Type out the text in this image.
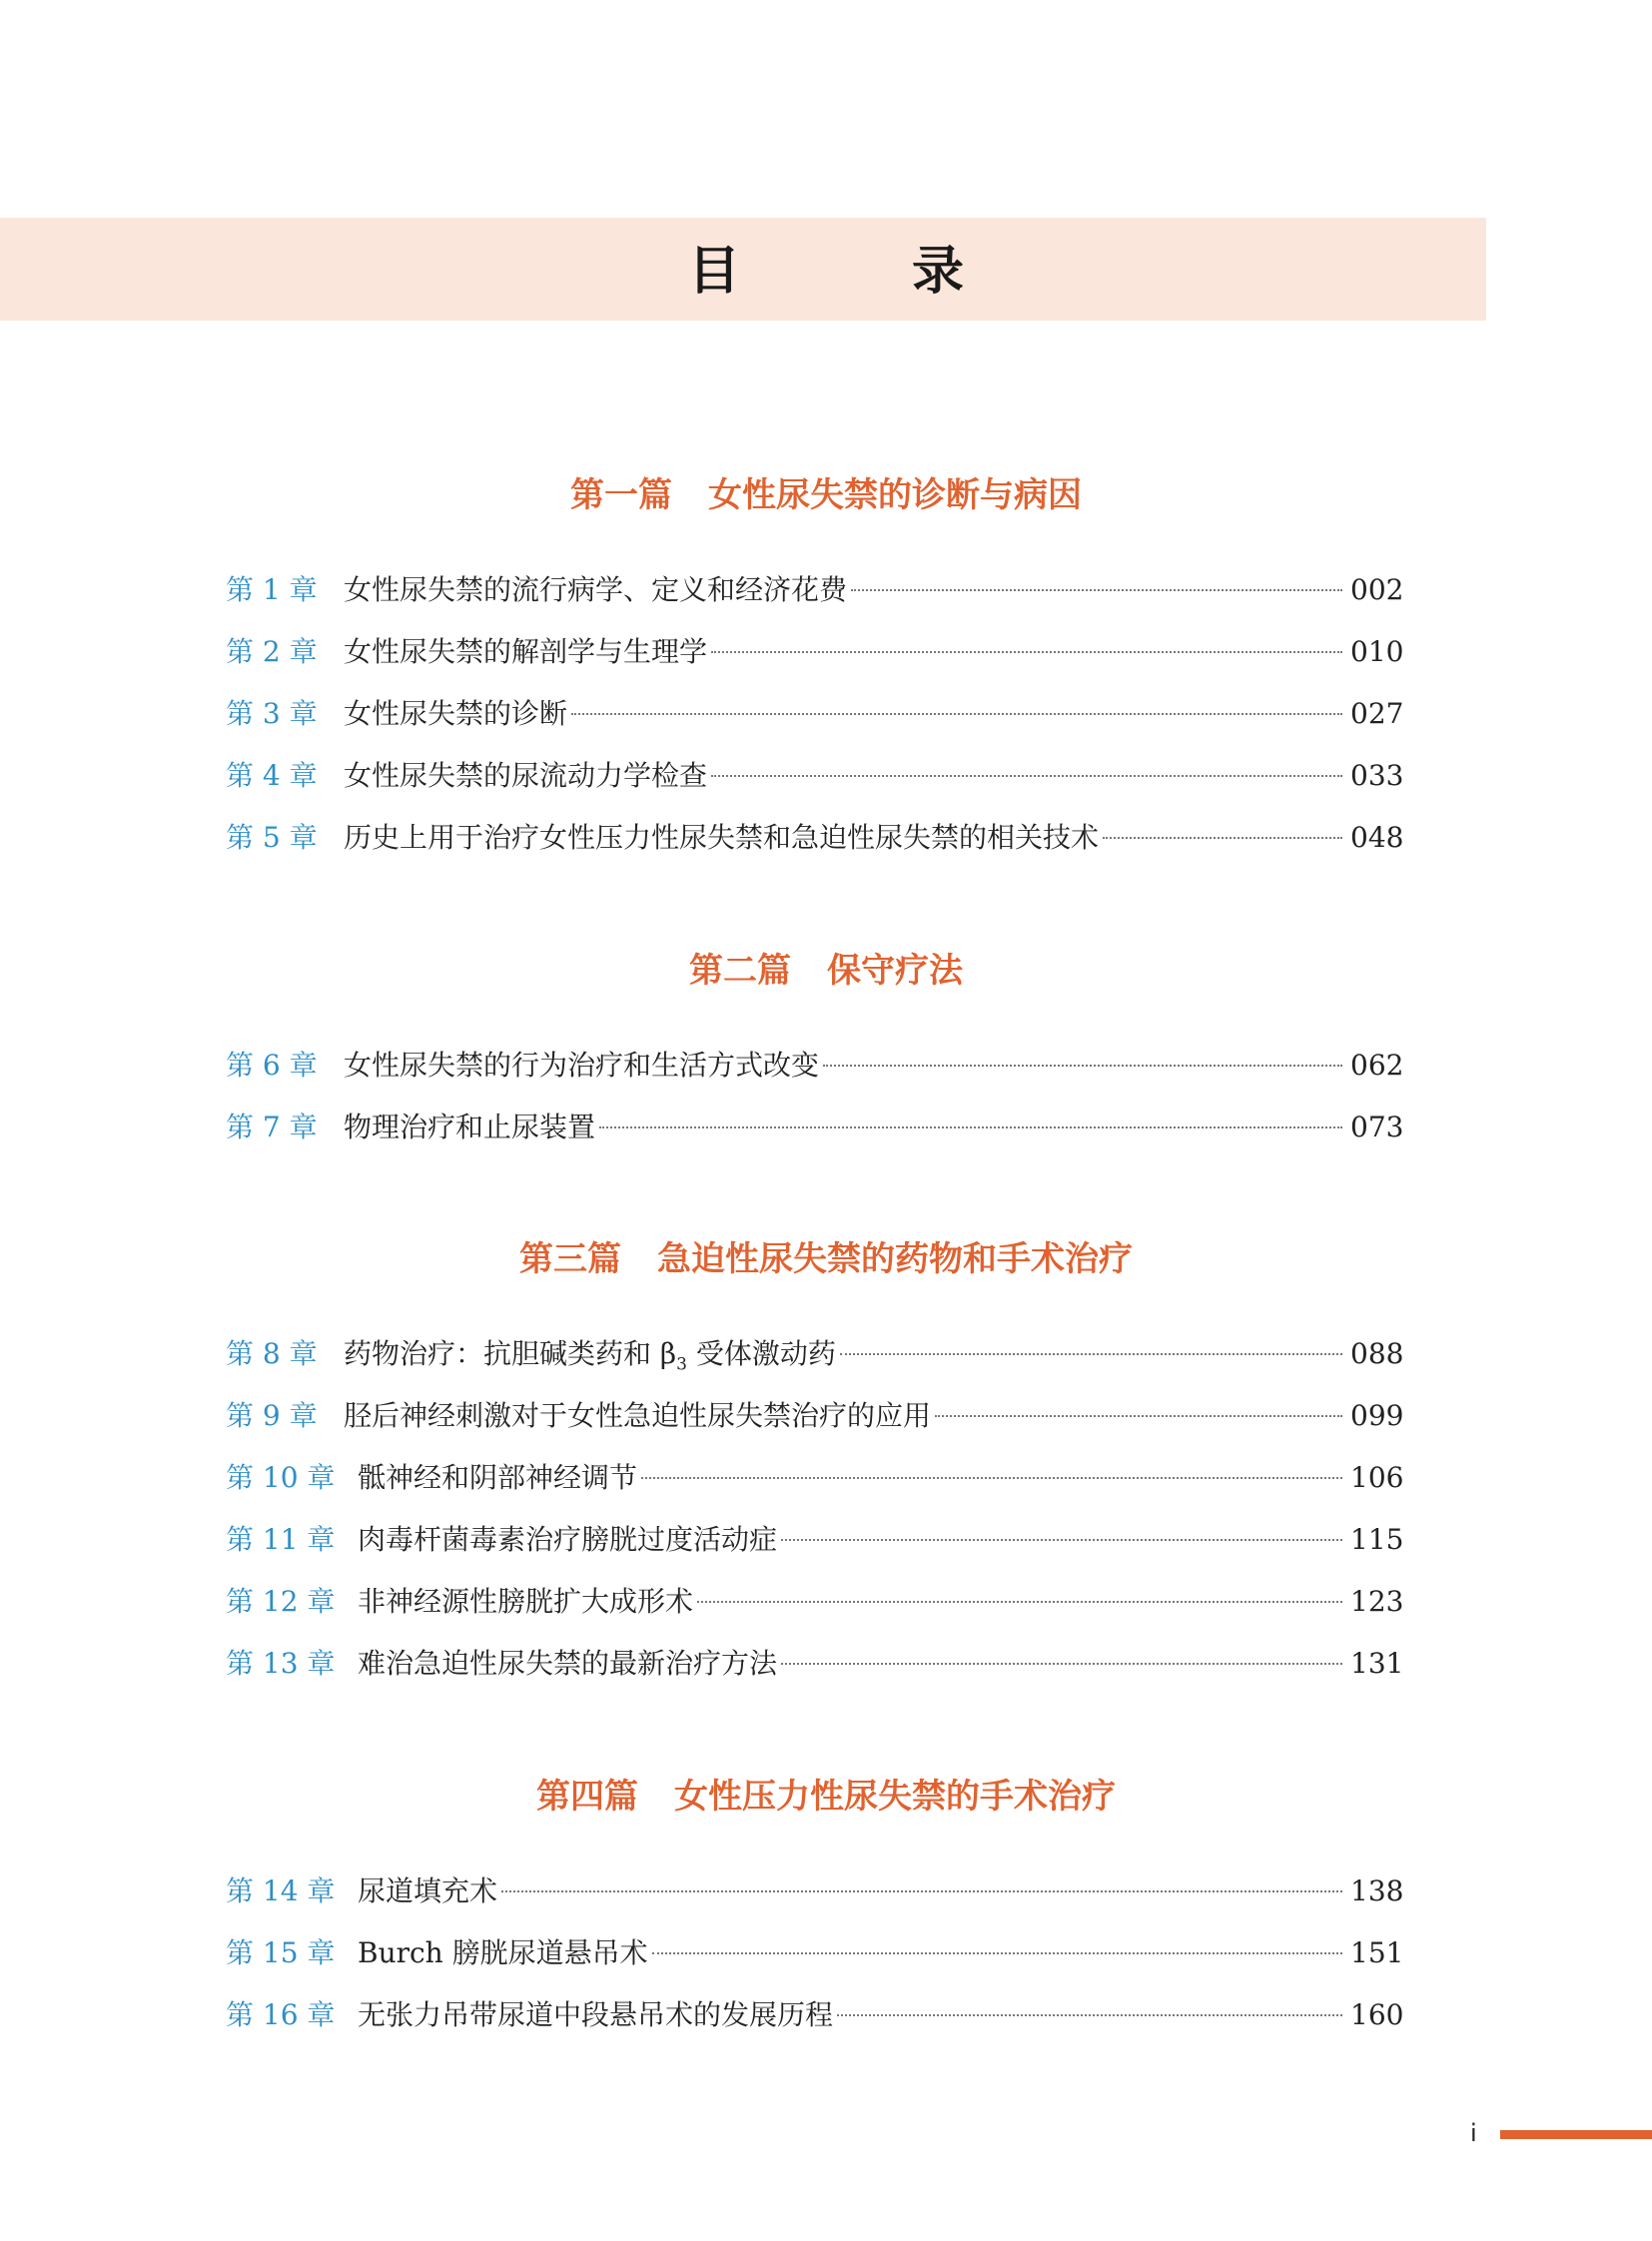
目　录
第一篇 女性尿失禁的诊断与病因
第 1 章 女性尿失禁的流行病学、定义和经济花费	002
第 2 章 女性尿失禁的解剖学与生理学	010
第 3 章 女性尿失禁的诊断	027
第 4 章 女性尿失禁的尿流动力学检查	033
第 5 章 历史上用于治疗女性压力性尿失禁和急迫性尿失禁的相关技术	048
第二篇 保守疗法
第 6 章 女性尿失禁的行为治疗和生活方式改变	062
第 7 章 物理治疗和止尿装置	073
第三篇 急迫性尿失禁的药物和手术治疗
第 8 章 药物治疗：抗胆碱类药和 $\beta_3$ 受体激动药	088
第 9 章 胫后神经刺激对于女性急迫性尿失禁治疗的应用	099
第 10 章 骶神经和阴部神经调节	106
第 11 章 肉毒杆菌毒素治疗膀胱过度活动症	115
第 12 章 非神经源性膀胱扩大成形术	123
第 13 章 难治急迫性尿失禁的最新治疗方法	131
第四篇 女性压力性尿失禁的手术治疗
第 14 章 尿道填充术	138
第 15 章 Burch 膀胱尿道悬吊术	151
第 16 章 无张力吊带尿道中段悬吊术的发展历程	160
i
